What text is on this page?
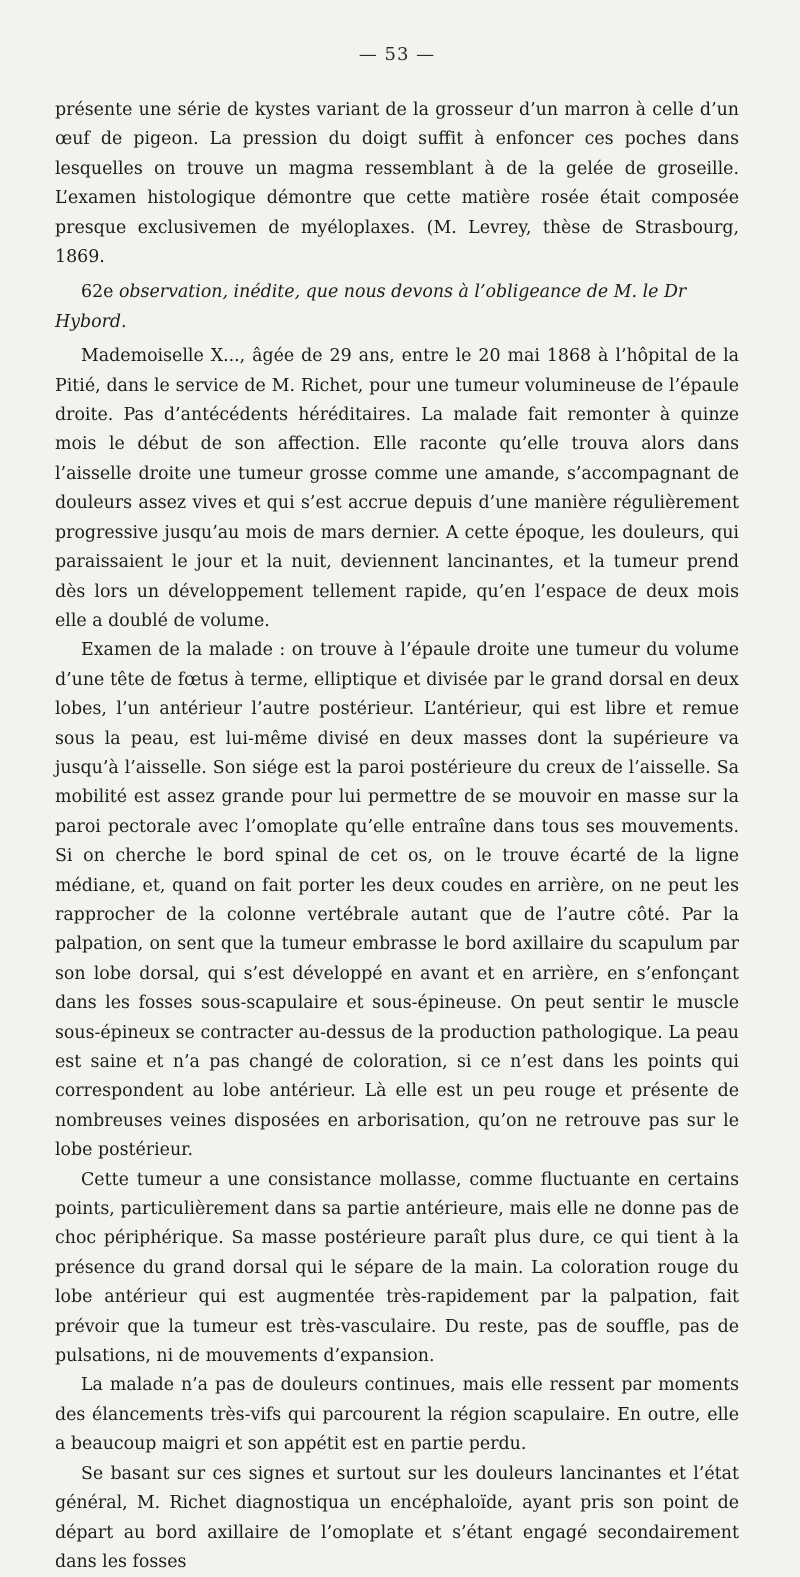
— 53 —

présente une série de kystes variant de la grosseur d’un marron à celle d’un œuf de pigeon. La pression du doigt suffit à enfoncer ces poches dans lesquelles on trouve un magma ressemblant à de la gelée de groseille. L’examen histologique démontre que cette matière rosée était composée presque exclusivemen de myéloplaxes. (M. Levrey, thèse de Strasbourg, 1869.

62e observation, inédite, que nous devons à l’obligeance de M. le Dr Hybord.

Mademoiselle X..., âgée de 29 ans, entre le 20 mai 1868 à l’hôpital de la Pitié, dans le service de M. Richet, pour une tumeur volumineuse de l’épaule droite. Pas d’antécédents héréditaires. La malade fait remonter à quinze mois le début de son affection. Elle raconte qu’elle trouva alors dans l’aisselle droite une tumeur grosse comme une amande, s’accompagnant de douleurs assez vives et qui s’est accrue depuis d’une manière régulièrement progressive jusqu’au mois de mars dernier. A cette époque, les douleurs, qui paraissaient le jour et la nuit, deviennent lancinantes, et la tumeur prend dès lors un développement tellement rapide, qu’en l’espace de deux mois elle a doublé de volume.

Examen de la malade : on trouve à l’épaule droite une tumeur du volume d’une tête de fœtus à terme, elliptique et divisée par le grand dorsal en deux lobes, l’un antérieur l’autre postérieur. L’antérieur, qui est libre et remue sous la peau, est lui-même divisé en deux masses dont la supérieure va jusqu’à l’aisselle. Son siége est la paroi postérieure du creux de l’aisselle. Sa mobilité est assez grande pour lui permettre de se mouvoir en masse sur la paroi pectorale avec l’omoplate qu’elle entraîne dans tous ses mouvements. Si on cherche le bord spinal de cet os, on le trouve écarté de la ligne médiane, et, quand on fait porter les deux coudes en arrière, on ne peut les rapprocher de la colonne vertébrale autant que de l’autre côté. Par la palpation, on sent que la tumeur embrasse le bord axillaire du scapulum par son lobe dorsal, qui s’est développé en avant et en arrière, en s’enfonçant dans les fosses sous-scapulaire et sous-épineuse. On peut sentir le muscle sous-épineux se contracter au-dessus de la production pathologique. La peau est saine et n’a pas changé de coloration, si ce n’est dans les points qui correspondent au lobe antérieur. Là elle est un peu rouge et présente de nombreuses veines disposées en arborisation, qu’on ne retrouve pas sur le lobe postérieur.

Cette tumeur a une consistance mollasse, comme fluctuante en certains points, particulièrement dans sa partie antérieure, mais elle ne donne pas de choc périphérique. Sa masse postérieure paraît plus dure, ce qui tient à la présence du grand dorsal qui le sépare de la main. La coloration rouge du lobe antérieur qui est augmentée très-rapidement par la palpation, fait prévoir que la tumeur est très-vasculaire. Du reste, pas de souffle, pas de pulsations, ni de mouvements d’expansion.

La malade n’a pas de douleurs continues, mais elle ressent par moments des élancements très-vifs qui parcourent la région scapulaire. En outre, elle a beaucoup maigri et son appétit est en partie perdu.

Se basant sur ces signes et surtout sur les douleurs lancinantes et l’état général, M. Richet diagnostiqua un encéphaloïde, ayant pris son point de départ au bord axillaire de l’omoplate et s’étant engagé secondairement dans les fosses
